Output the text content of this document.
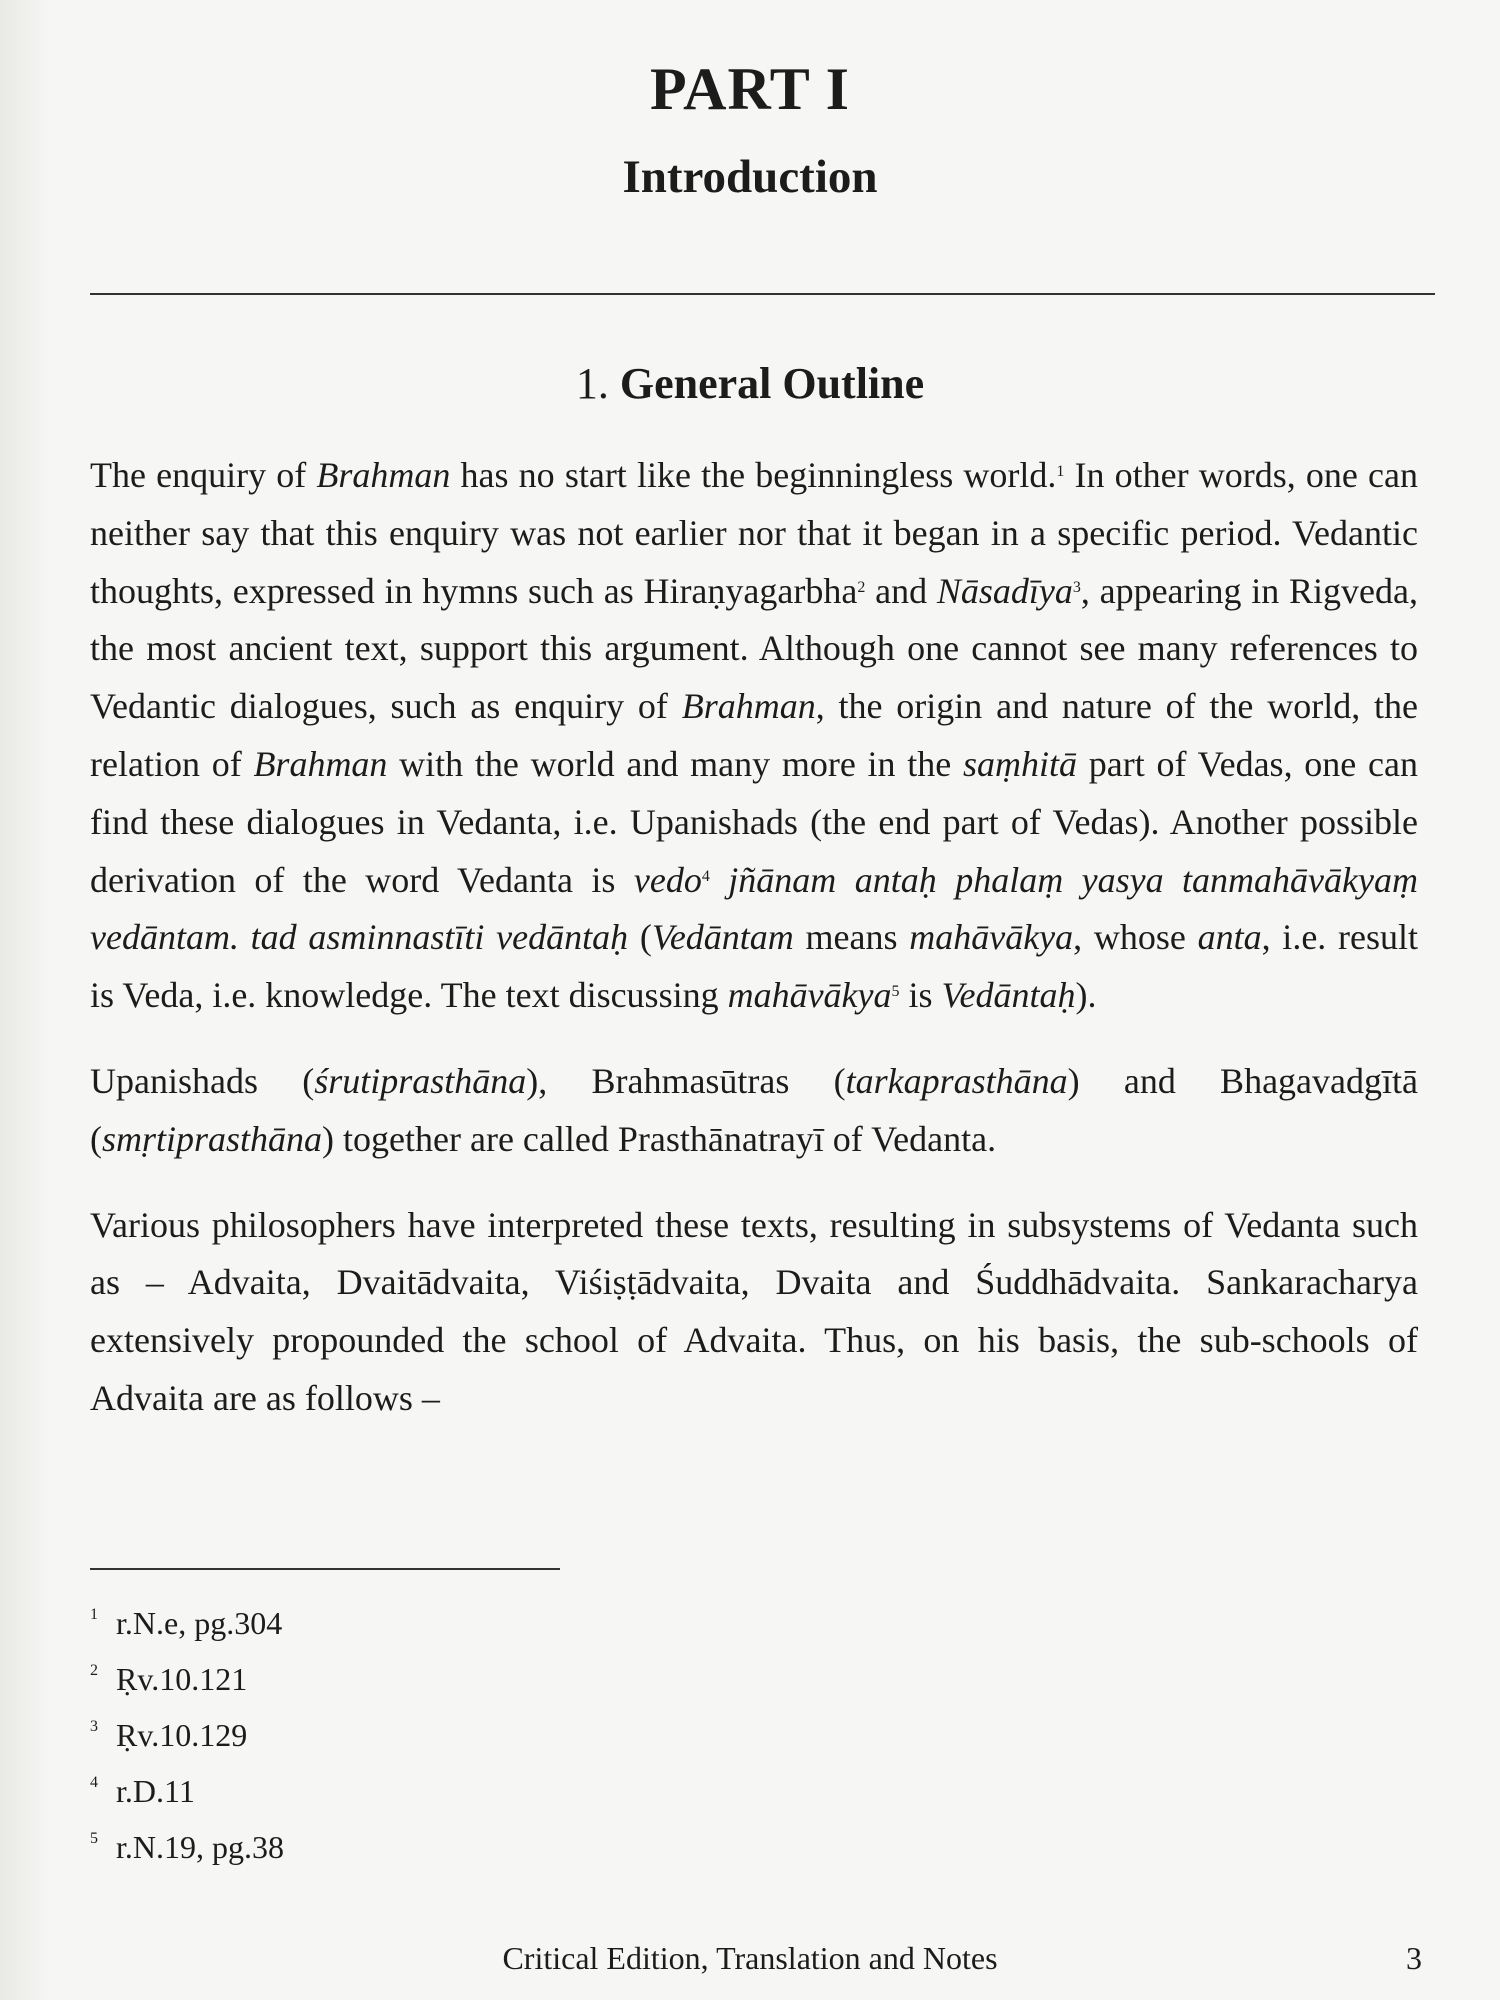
PART I
Introduction
1. General Outline

The enquiry of Brahman has no start like the beginningless world.$^1$ In other words, one can neither say that this enquiry was not earlier nor that it began in a specific period. Vedantic thoughts, expressed in hymns such as Hiraṇyagarbha$^2$ and Nāsadīya$^3$, appearing in Rigveda, the most ancient text, support this argument. Although one cannot see many references to Vedantic dialogues, such as enquiry of Brahman, the origin and nature of the world, the relation of Brahman with the world and many more in the saṃhitā part of Vedas, one can find these dialogues in Vedanta, i.e. Upanishads (the end part of Vedas). Another possible derivation of the word Vedanta is vedo$^4$ jñānam antaḥ phalaṃ yasya tanmahāvākyaṃ vedāntam. tad asminnastīti vedāntaḥ (Vedāntam means mahāvākya, whose anta, i.e. result is Veda, i.e. knowledge. The text discussing mahāvākya$^5$ is Vedāntaḥ).

Upanishads (śrutiprasthāna), Brahmasūtras (tarkaprasthāna) and Bhagavadgītā (smṛtiprasthāna) together are called Prasthānatrayī of Vedanta.

Various philosophers have interpreted these texts, resulting in subsystems of Vedanta such as – Advaita, Dvaitādvaita, Viśiṣṭādvaita, Dvaita and Śuddhādvaita. Sankaracharya extensively propounded the school of Advaita. Thus, on his basis, the sub-schools of Advaita are as follows –

$^1$ r.N.e, pg.304
$^2$ Ṛv.10.121
$^3$ Ṛv.10.129
$^4$ r.D.11
$^5$ r.N.19, pg.38
Critical Edition, Translation and Notes	3
